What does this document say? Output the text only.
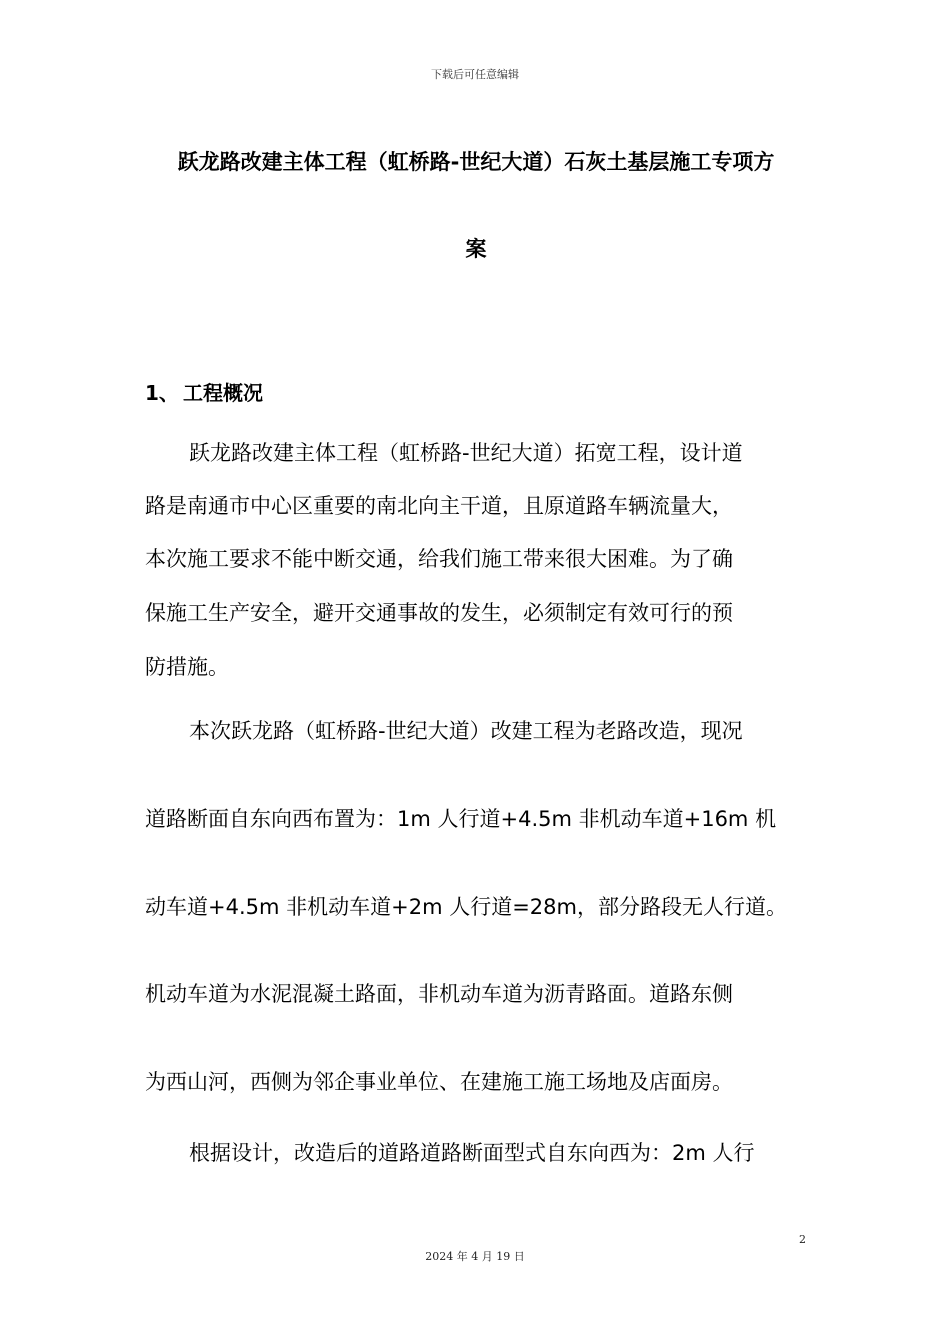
下载后可任意编辑
跃龙路改建主体工程（虹桥路-世纪大道）石灰土基层施工专项方
案
1、 工程概况
跃龙路改建主体工程（虹桥路-世纪大道）拓宽工程，设计道
路是南通市中心区重要的南北向主干道，且原道路车辆流量大，
本次施工要求不能中断交通，给我们施工带来很大困难。为了确
保施工生产安全，避开交通事故的发生，必须制定有效可行的预
防措施。
本次跃龙路（虹桥路-世纪大道）改建工程为老路改造，现况
道路断面自东向西布置为：1m 人行道+4.5m 非机动车道+16m 机
动车道+4.5m 非机动车道+2m 人行道=28m，部分路段无人行道。
机动车道为水泥混凝土路面，非机动车道为沥青路面。道路东侧
为西山河，西侧为邻企事业单位、在建施工施工场地及店面房。
根据设计，改造后的道路道路断面型式自东向西为：2m 人行
2
2024 年 4 月 19 日
